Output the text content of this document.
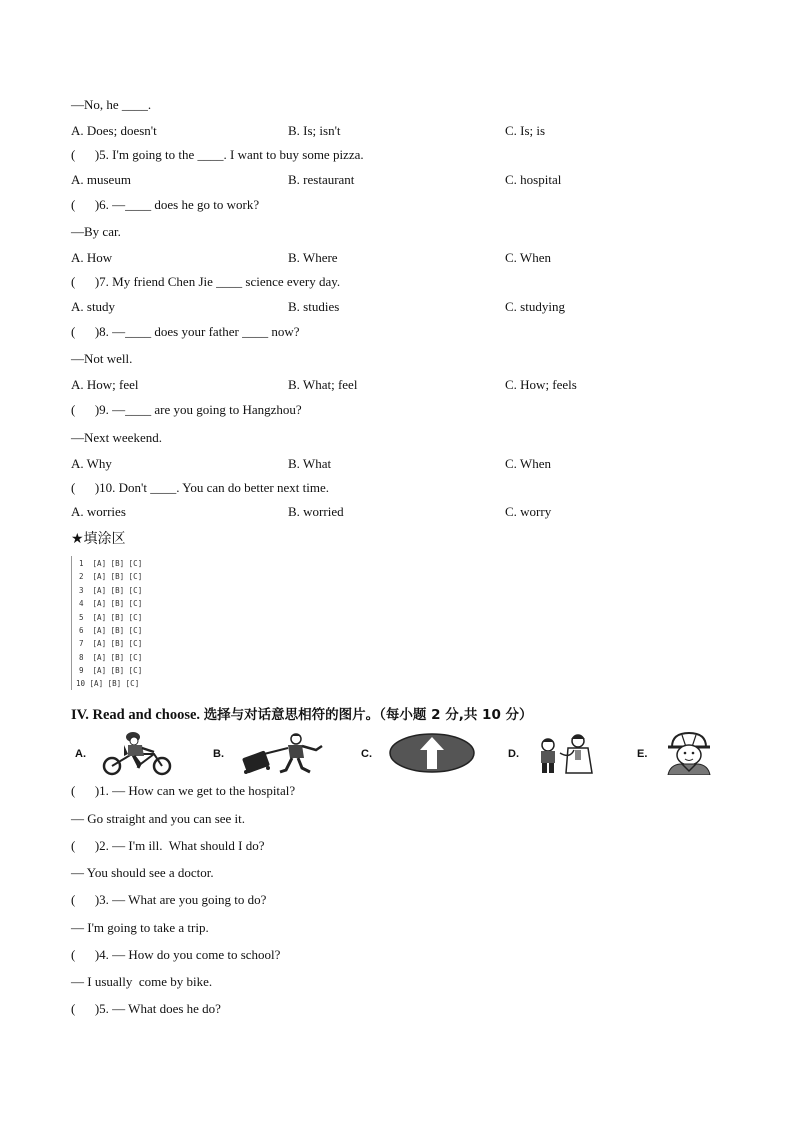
—No, he ____.
A. Does; doesn't	B. Is; isn't	C. Is; is
(      )5. I'm going to the ____. I want to buy some pizza.
A. museum	B. restaurant	C. hospital
(      )6. —____ does he go to work?
—By car.
A. How	B. Where	C. When
(      )7. My friend Chen Jie ____ science every day.
A. study	B. studies	C. studying
(      )8. —____ does your father ____ now?
—Not well.
A. How; feel	B. What; feel	C. How; feels
(      )9. —____ are you going to Hangzhou?
—Next weekend.
A. Why	B. What	C. When
(      )10. Don't ____. You can do better next time.
A. worries	B. worried	C. worry
★填涂区
1  [A] [B] [C]
2  [A] [B] [C]
3  [A] [B] [C]
4  [A] [B] [C]
5  [A] [B] [C]
6  [A] [B] [C]
7  [A] [B] [C]
8  [A] [B] [C]
9  [A] [B] [C]
10 [A] [B] [C]
IV. Read and choose. 选择与对话意思相符的图片。（每小题 2 分,共 10 分）
A.	B.	C.	D.	E.
(      )1. — How can we get to the hospital?
— Go straight and you can see it.
(      )2. — I'm ill.  What should I do?
— You should see a doctor.
(      )3. — What are you going to do?
— I'm going to take a trip.
(      )4. — How do you come to school?
— I usually  come by bike.
(      )5. — What does he do?
